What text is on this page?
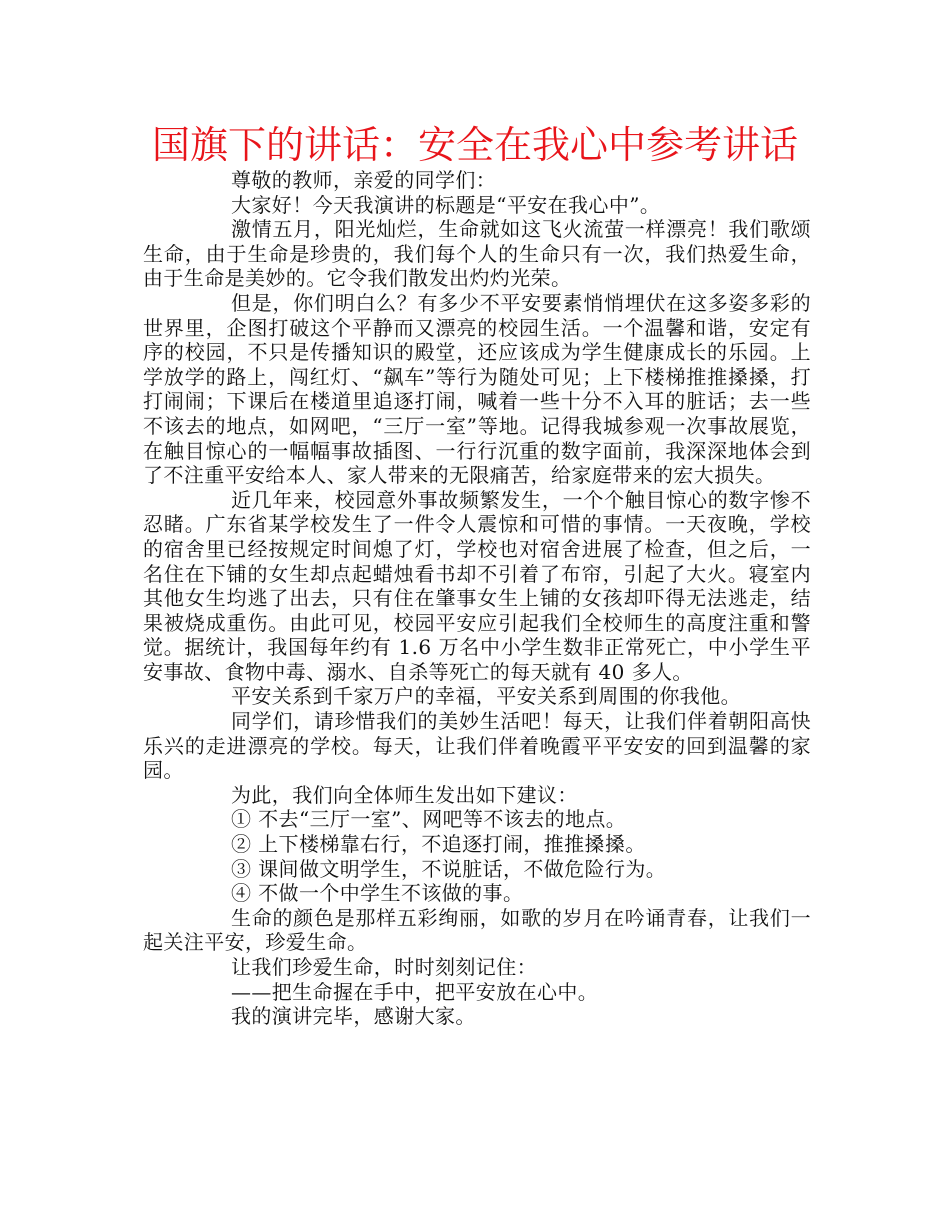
国旗下的讲话：安全在我心中参考讲话

尊敬的教师，亲爱的同学们：

大家好！今天我演讲的标题是“平安在我心中”。

激情五月，阳光灿烂，生命就如这飞火流萤一样漂亮！我们歌颂生命，由于生命是珍贵的，我们每个人的生命只有一次，我们热爱生命，由于生命是美妙的。它令我们散发出灼灼光荣。

但是，你们明白么？有多少不平安要素悄悄埋伏在这多姿多彩的世界里，企图打破这个平静而又漂亮的校园生活。一个温馨和谐，安定有序的校园，不只是传播知识的殿堂，还应该成为学生健康成长的乐园。上学放学的路上，闯红灯、“飙车”等行为随处可见；上下楼梯推推搡搡，打打闹闹；下课后在楼道里追逐打闹，喊着一些十分不入耳的脏话；去一些不该去的地点，如网吧，“三厅一室”等地。记得我城参观一次事故展览，在触目惊心的一幅幅事故插图、一行行沉重的数字面前，我深深地体会到 了不注重平安给本人、家人带来的无限痛苦，给家庭带来的宏大损失。

近几年来，校园意外事故频繁发生，一个个触目惊心的数字惨不忍睹。广东省某学校发生了一件令人震惊和可惜的事情。一天夜晚，学校的宿舍里已经按规定时间熄了灯，学校也对宿舍进展了检查，但之后，一名住在下铺的女生却点起蜡烛看书却不引着了布帘，引起了大火。寝室内其他女生均逃了出去，只有住在肇事女生上铺的女孩却吓得无法逃走，结果被烧成重伤。由此可见，校园平安应引起我们全校师生的高度注重和警觉。据统计，我国每年约有 1.6 万名中小学生数非正常死亡，中小学生平安事故、食物中毒、溺水、自杀等死亡的每天就有 40 多人。

平安关系到千家万户的幸福，平安关系到周围的你我他。

同学们，请珍惜我们的美妙生活吧！每天，让我们伴着朝阳高快乐兴的走进漂亮的学校。每天，让我们伴着晚霞平平安安的回到温馨的家园。

为此，我们向全体师生发出如下建议：

① 不去“三厅一室”、网吧等不该去的地点。

② 上下楼梯靠右行，不追逐打闹，推推搡搡。

③ 课间做文明学生，不说脏话，不做危险行为。

④ 不做一个中学生不该做的事。

生命的颜色是那样五彩绚丽，如歌的岁月在吟诵青春，让我们一起关注平安，珍爱生命。

让我们珍爱生命，时时刻刻记住：

——把生命握在手中，把平安放在心中。

我的演讲完毕，感谢大家。
